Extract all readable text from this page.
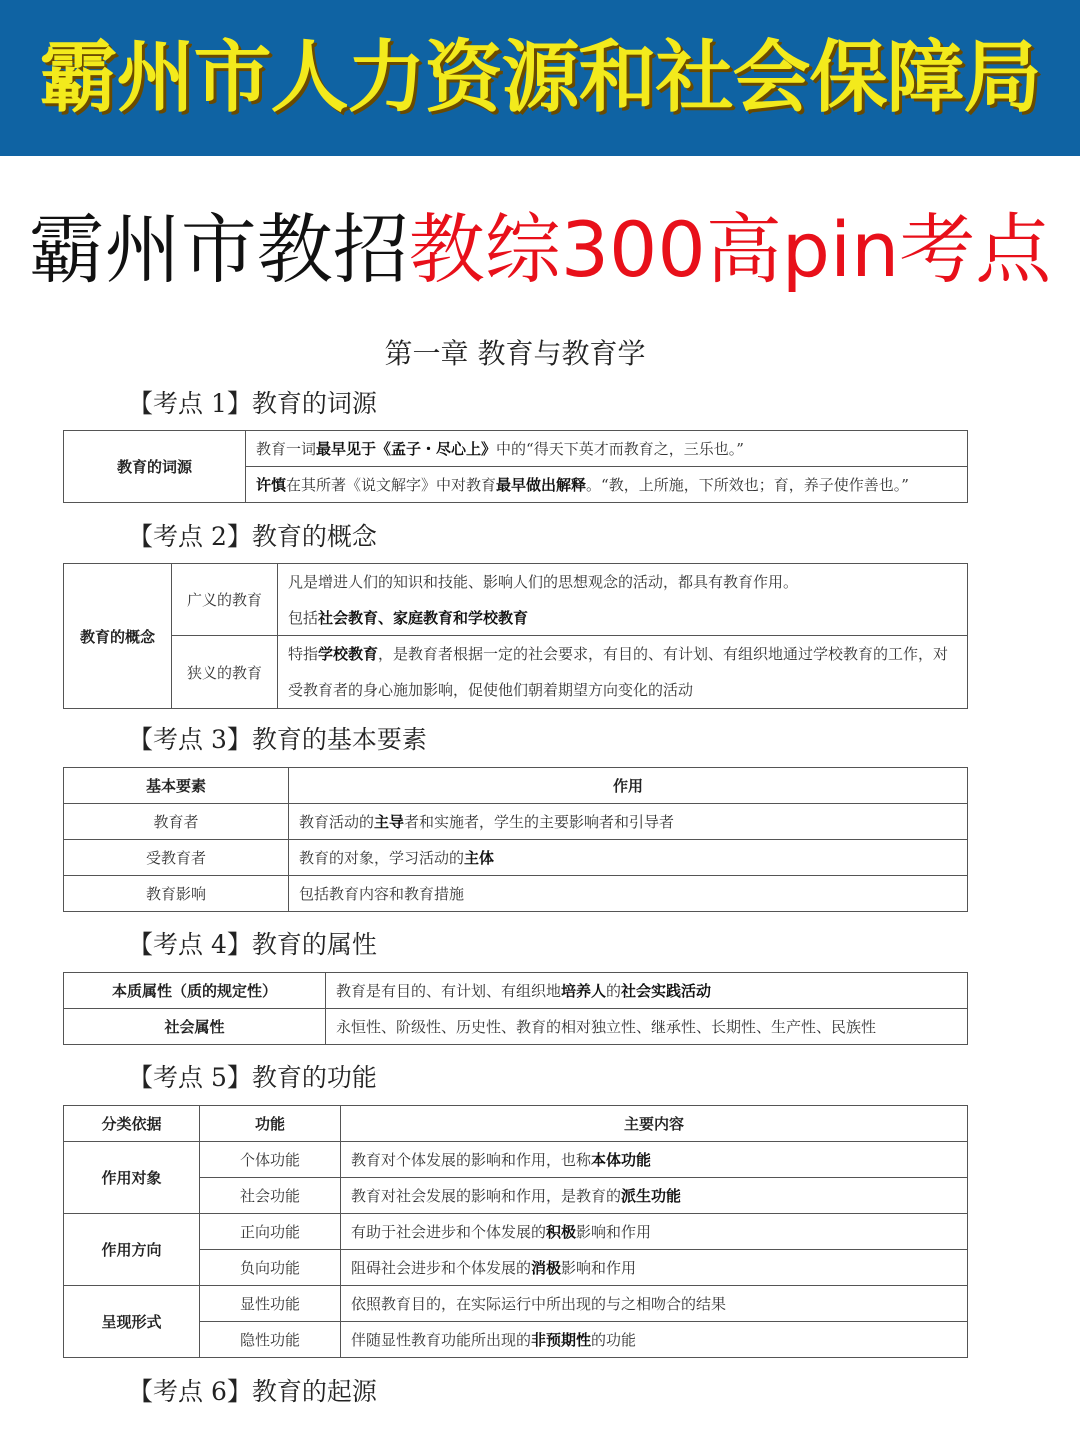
霸州市人力资源和社会保障局
霸州市教招教综300高pin考点
第一章 教育与教育学
【考点 1】教育的词源
教育的词源	教育一词最早见于《孟子・尽心上》中的“得天下英才而教育之，三乐也。”
许慎在其所著《说文解字》中对教育最早做出解释。“教，上所施，下所效也；育，养子使作善也。”
【考点 2】教育的概念
教育的概念	广义的教育	凡是增进人们的知识和技能、影响人们的思想观念的活动，都具有教育作用。
		包括社会教育、家庭教育和学校教育
	狭义的教育	特指学校教育，是教育者根据一定的社会要求，有目的、有计划、有组织地通过学校教育的工作，对受教育者的身心施加影响，促使他们朝着期望方向变化的活动

【考点 3】教育的基本要素
基本要素	作用
教育者	教育活动的主导者和实施者，学生的主要影响者和引导者
受教育者	教育的对象，学习活动的主体
教育影响	包括教育内容和教育措施
【考点 4】教育的属性
本质属性（质的规定性）	教育是有目的、有计划、有组织地培养人的社会实践活动
社会属性	永恒性、阶级性、历史性、教育的相对独立性、继承性、长期性、生产性、民族性
【考点 5】教育的功能
分类依据	功能	主要内容
作用对象	个体功能	教育对个体发展的影响和作用，也称本体功能
	社会功能	教育对社会发展的影响和作用，是教育的派生功能
作用方向	正向功能	有助于社会进步和个体发展的积极影响和作用
	负向功能	阻碍社会进步和个体发展的消极影响和作用
呈现形式	显性功能	依照教育目的，在实际运行中所出现的与之相吻合的结果
	隐性功能	伴随显性教育功能所出现的非预期性的功能
【考点 6】教育的起源
